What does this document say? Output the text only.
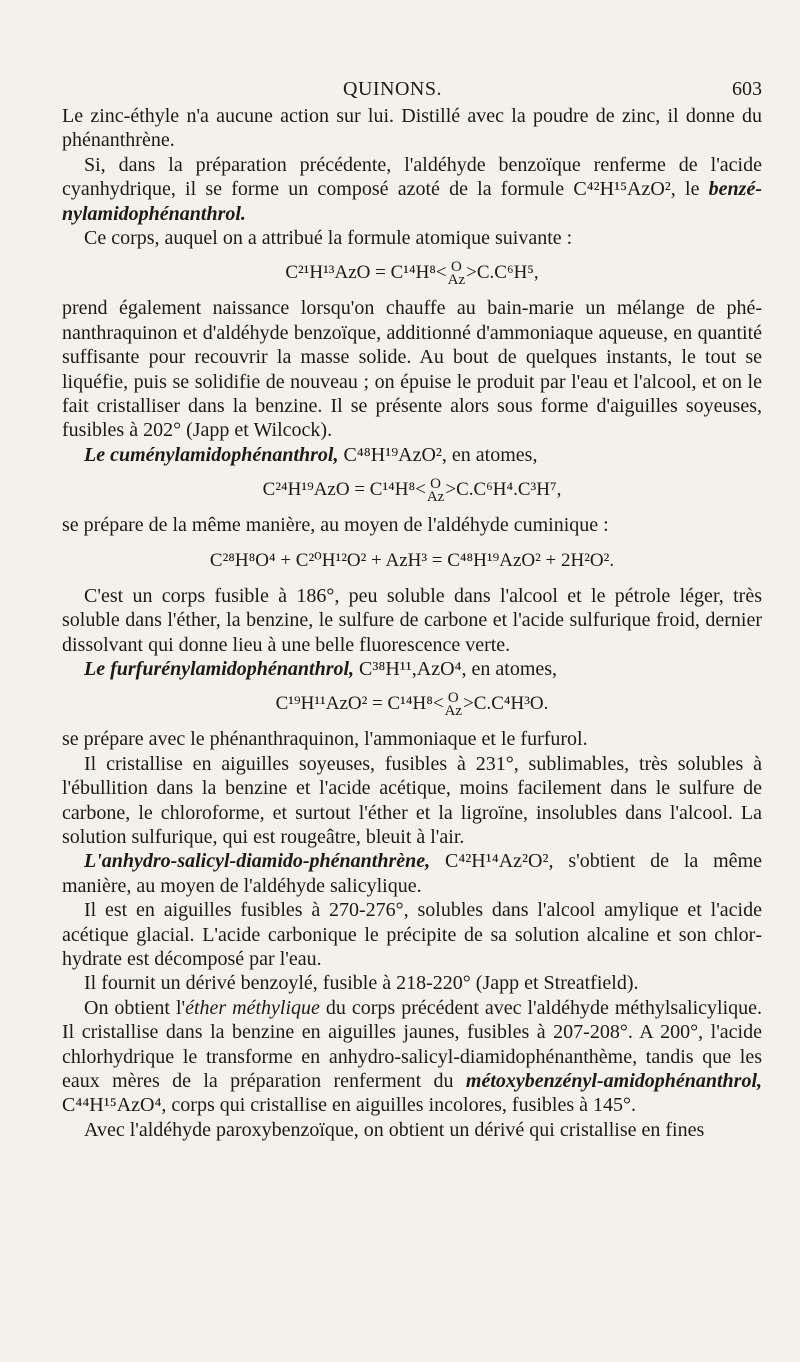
QUINONS.	603

Le zinc-éthyle n'a aucune action sur lui. Distillé avec la poudre de zinc, il donne du phénanthrène.

Si, dans la préparation précédente, l'aldéhyde benzoïque renferme de l'acide cyanhydrique, il se forme un composé azoté de la formule C⁴²H¹⁵AzO², le benzénylamidophénanthrol.

Ce corps, auquel on a attribué la formule atomique suivante :

C²¹H¹³AzO = C¹⁴H⁸< O
Az >C.C⁶H⁵,

prend également naissance lorsqu'on chauffe au bain-marie un mélange de phénanthraquinon et d'aldéhyde benzoïque, additionné d'ammoniaque aqueuse, en quantité suffisante pour recouvrir la masse solide. Au bout de quelques instants, le tout se liquéfie, puis se solidifie de nouveau ; on épuise le produit par l'eau et l'alcool, et on le fait cristalliser dans la benzine. Il se présente alors sous forme d'aiguilles soyeuses, fusibles à 202° (Japp et Wilcock).

Le cuménylamidophénanthrol, C⁴⁸H¹⁹AzO², en atomes,

C²⁴H¹⁹AzO = C¹⁴H⁸< O
Az >C.C⁶H⁴.C³H⁷,

se prépare de la même manière, au moyen de l'aldéhyde cuminique :

C²⁸H⁸O⁴ + C²⁰H¹²O² + AzH³ = C⁴⁸H¹⁹AzO² + 2H²O².

C'est un corps fusible à 186°, peu soluble dans l'alcool et le pétrole léger, très soluble dans l'éther, la benzine, le sulfure de carbone et l'acide sulfurique froid, dernier dissolvant qui donne lieu à une belle fluorescence verte.

Le furfurénylamidophénanthrol, C³⁸H¹¹,AzO⁴, en atomes,

C¹⁹H¹¹AzO² = C¹⁴H⁸< O
Az >C.C⁴H³O.

se prépare avec le phénanthraquinon, l'ammoniaque et le furfurol.

Il cristallise en aiguilles soyeuses, fusibles à 231°, sublimables, très solubles à l'ébullition dans la benzine et l'acide acétique, moins facilement dans le sulfure de carbone, le chloroforme, et surtout l'éther et la ligroïne, insolubles dans l'alcool. La solution sulfurique, qui est rougeâtre, bleuit à l'air.

L'anhydro-salicyl-diamido-phénanthrène, C⁴²H¹⁴Az²O², s'obtient de la même manière, au moyen de l'aldéhyde salicylique.

Il est en aiguilles fusibles à 270-276°, solubles dans l'alcool amylique et l'acide acétique glacial. L'acide carbonique le précipite de sa solution alcaline et son chlorhydrate est décomposé par l'eau.

Il fournit un dérivé benzoylé, fusible à 218-220° (Japp et Streatfield).

On obtient l'éther méthylique du corps précédent avec l'aldéhyde méthylsalicylique. Il cristallise dans la benzine en aiguilles jaunes, fusibles à 207-208°. A 200°, l'acide chlorhydrique le transforme en anhydro-salicyl-diamidophénanthème, tandis que les eaux mères de la préparation renferment du métoxybenzényl-amidophénanthrol, C⁴⁴H¹⁵AzO⁴, corps qui cristallise en aiguilles incolores, fusibles à 145°.

Avec l'aldéhyde paroxybenzoïque, on obtient un dérivé qui cristallise en fines
